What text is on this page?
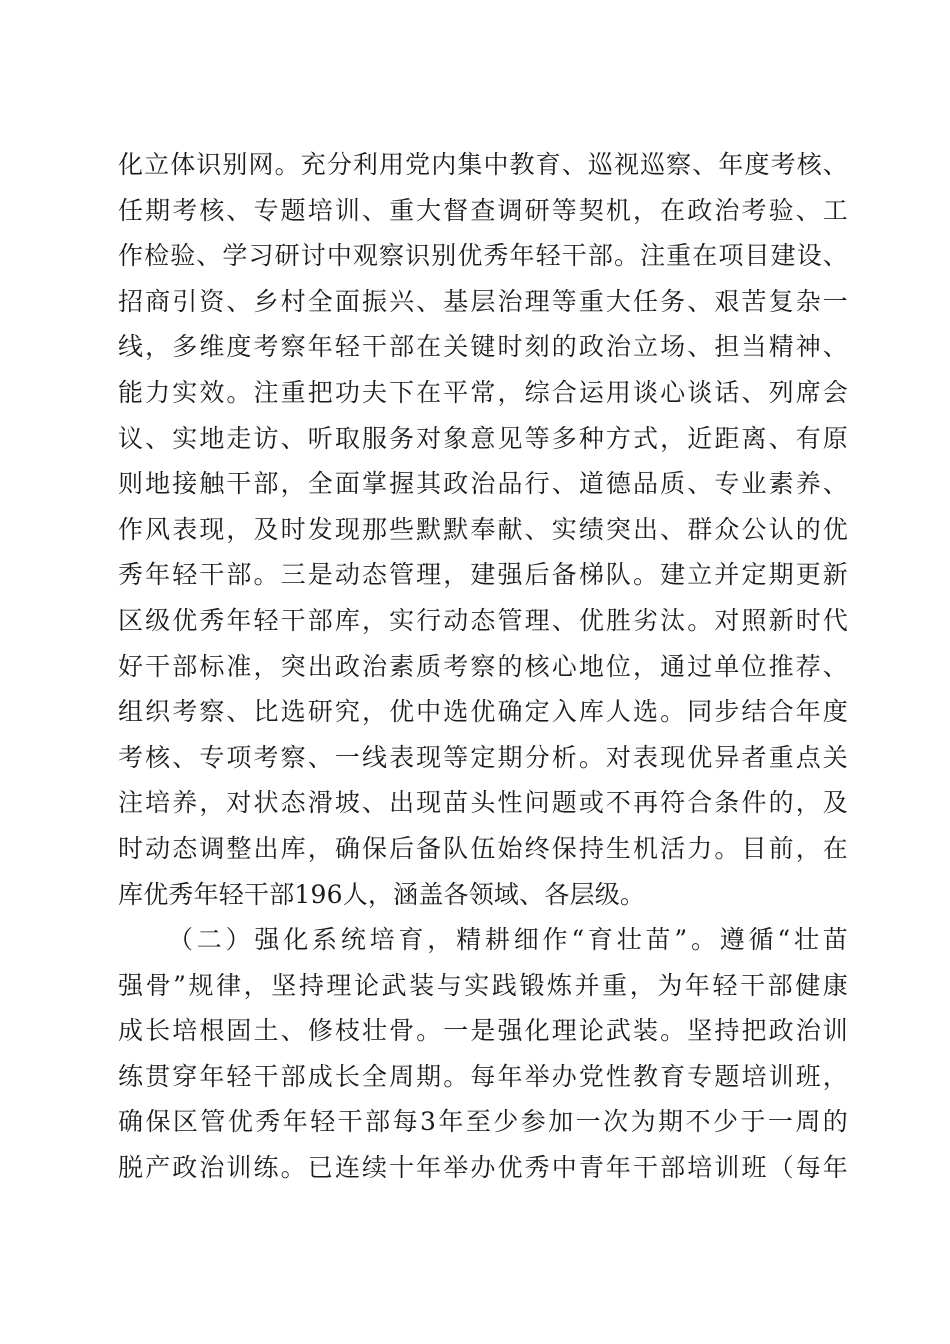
化立体识别网。充分利用党内集中教育、巡视巡察、年度考核、
任期考核、专题培训、重大督查调研等契机，在政治考验、工
作检验、学习研讨中观察识别优秀年轻干部。注重在项目建设、
招商引资、乡村全面振兴、基层治理等重大任务、艰苦复杂一
线，多维度考察年轻干部在关键时刻的政治立场、担当精神、
能力实效。注重把功夫下在平常，综合运用谈心谈话、列席会
议、实地走访、听取服务对象意见等多种方式，近距离、有原
则地接触干部，全面掌握其政治品行、道德品质、专业素养、
作风表现，及时发现那些默默奉献、实绩突出、群众公认的优
秀年轻干部。三是动态管理，建强后备梯队。建立并定期更新
区级优秀年轻干部库，实行动态管理、优胜劣汰。对照新时代
好干部标准，突出政治素质考察的核心地位，通过单位推荐、
组织考察、比选研究，优中选优确定入库人选。同步结合年度
考核、专项考察、一线表现等定期分析。对表现优异者重点关
注培养，对状态滑坡、出现苗头性问题或不再符合条件的，及
时动态调整出库，确保后备队伍始终保持生机活力。目前，在
库优秀年轻干部196人，涵盖各领域、各层级。
（二）强化系统培育，精耕细作“育壮苗”。遵循“壮苗
强骨”规律，坚持理论武装与实践锻炼并重，为年轻干部健康
成长培根固土、修枝壮骨。一是强化理论武装。坚持把政治训
练贯穿年轻干部成长全周期。每年举办党性教育专题培训班，
确保区管优秀年轻干部每3年至少参加一次为期不少于一周的
脱产政治训练。已连续十年举办优秀中青年干部培训班（每年
